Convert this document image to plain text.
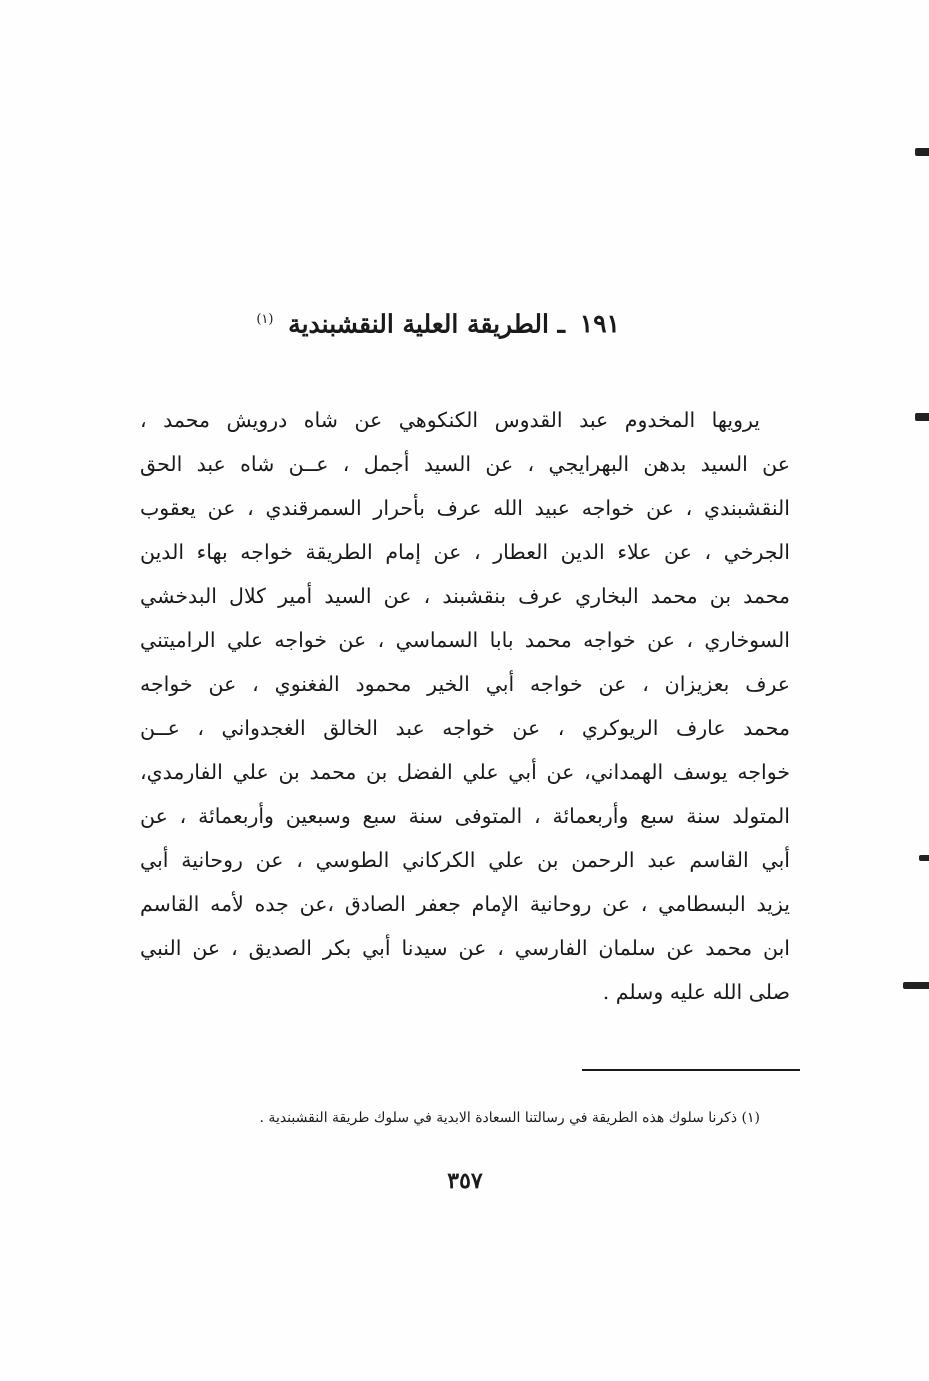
١٩١ ـ الطريقة العلية النقشبندية $^{(١)}$
يرويها المخدوم عبد القدوس الكنكوهي عن شاه درويش محمد ،
عن السيد بدهن البهرايجي ، عن السيد أجمل ، عــن شاه عبد الحق
النقشبندي ، عن خواجه عبيد الله عرف بأحرار السمرقندي ، عن يعقوب
الجرخي ، عن علاء الدين العطار ، عن إمام الطريقة خواجه بهاء الدين
محمد بن محمد البخاري عرف بنقشبند ، عن السيد أمير كلال البدخشي
السوخاري ، عن خواجه محمد بابا السماسي ، عن خواجه علي الراميتني
عرف بعزيزان ، عن خواجه أبي الخير محمود الفغنوي ، عن خواجه
محمد عارف الريوكري ، عن خواجه عبد الخالق الغجدواني ، عــن
خواجه يوسف الهمداني، عن أبي علي الفضل بن محمد بن علي الفارمدي،
المتولد سنة سبع وأربعمائة ، المتوفى سنة سبع وسبعين وأربعمائة ، عن
أبي القاسم عبد الرحمن بن علي الكركاني الطوسي ، عن روحانية أبي
يزيد البسطامي ، عن روحانية الإمام جعفر الصادق ،عن جده لأمه القاسم
ابن محمد عن سلمان الفارسي ، عن سيدنا أبي بكر الصديق ، عن النبي
صلى الله عليه وسلم .
(١) ذكرنا سلوك هذه الطريقة في رسالتنا السعادة الابدية في سلوك طريقة النقشبندية .
٣٥٧
